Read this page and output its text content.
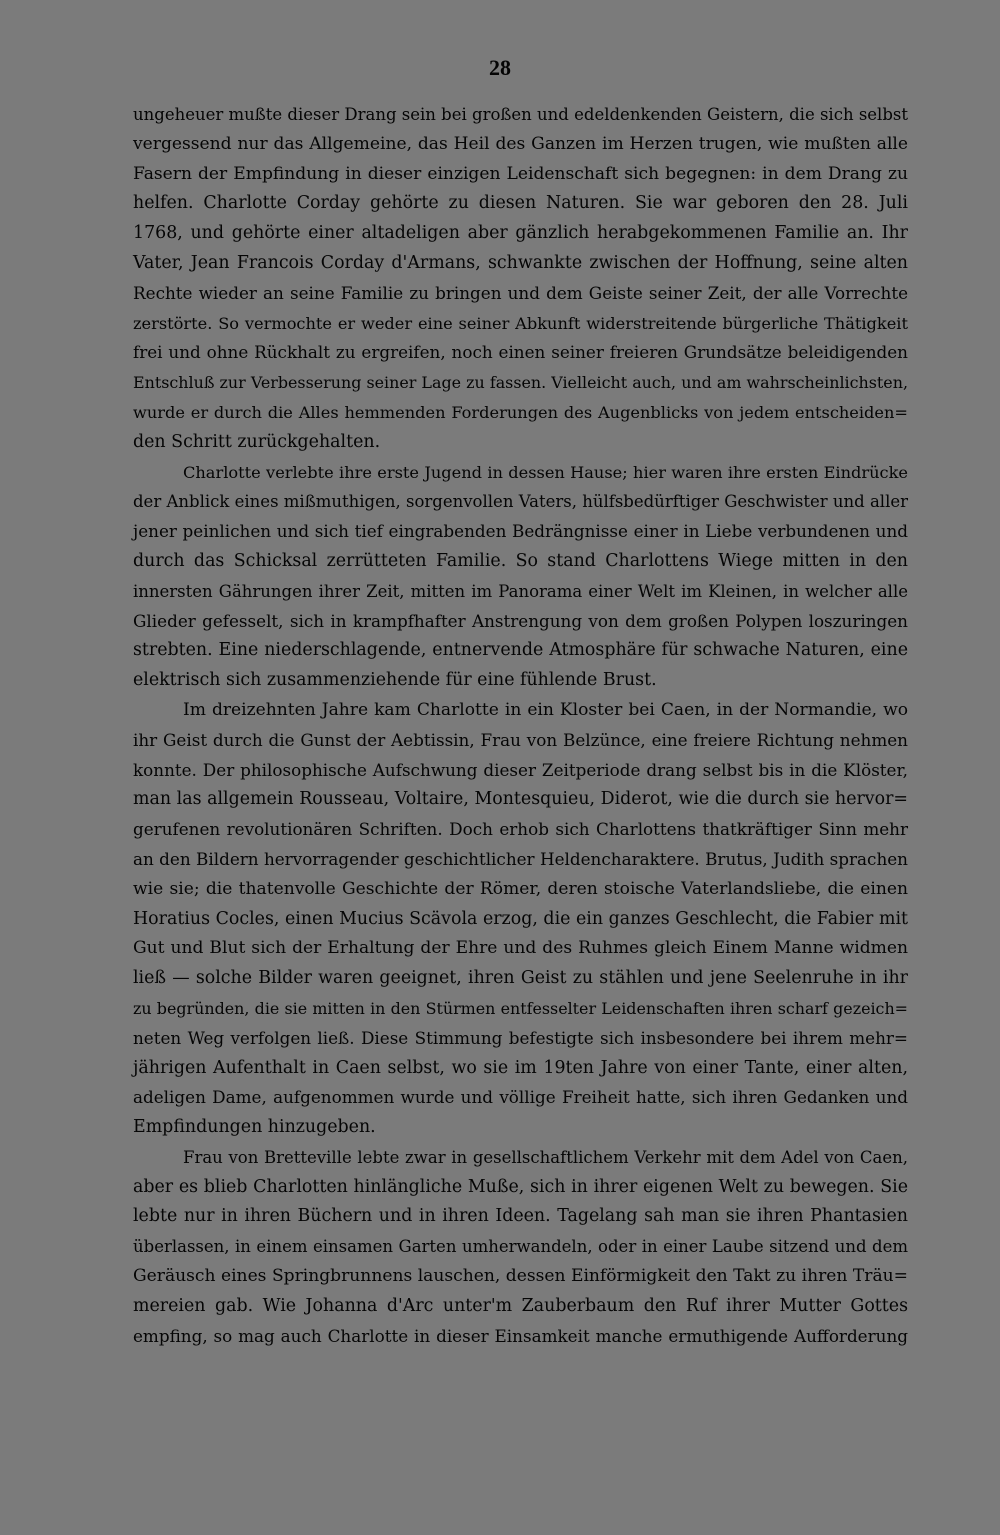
28
ungeheuer mußte dieser Drang sein bei großen und edeldenkenden Geistern, die sich selbst
vergessend nur das Allgemeine, das Heil des Ganzen im Herzen trugen, wie mußten alle
Fasern der Empfindung in dieser einzigen Leidenschaft sich begegnen: in dem Drang zu
helfen. Charlotte Corday gehörte zu diesen Naturen. Sie war geboren den 28. Juli
1768, und gehörte einer altadeligen aber gänzlich herabgekommenen Familie an. Ihr
Vater, Jean Francois Corday d'Armans, schwankte zwischen der Hoffnung, seine alten
Rechte wieder an seine Familie zu bringen und dem Geiste seiner Zeit, der alle Vorrechte
zerstörte. So vermochte er weder eine seiner Abkunft widerstreitende bürgerliche Thätigkeit
frei und ohne Rückhalt zu ergreifen, noch einen seiner freieren Grundsätze beleidigenden
Entschluß zur Verbesserung seiner Lage zu fassen. Vielleicht auch, und am wahrscheinlichsten,
wurde er durch die Alles hemmenden Forderungen des Augenblicks von jedem entscheiden=
den Schritt zurückgehalten.
Charlotte verlebte ihre erste Jugend in dessen Hause; hier waren ihre ersten Eindrücke
der Anblick eines mißmuthigen, sorgenvollen Vaters, hülfsbedürftiger Geschwister und aller
jener peinlichen und sich tief eingrabenden Bedrängnisse einer in Liebe verbundenen und
durch das Schicksal zerrütteten Familie. So stand Charlottens Wiege mitten in den
innersten Gährungen ihrer Zeit, mitten im Panorama einer Welt im Kleinen, in welcher alle
Glieder gefesselt, sich in krampfhafter Anstrengung von dem großen Polypen loszuringen
strebten. Eine niederschlagende, entnervende Atmosphäre für schwache Naturen, eine
elektrisch sich zusammenziehende für eine fühlende Brust.
Im dreizehnten Jahre kam Charlotte in ein Kloster bei Caen, in der Normandie, wo
ihr Geist durch die Gunst der Aebtissin, Frau von Belzünce, eine freiere Richtung nehmen
konnte. Der philosophische Aufschwung dieser Zeitperiode drang selbst bis in die Klöster,
man las allgemein Rousseau, Voltaire, Montesquieu, Diderot, wie die durch sie hervor=
gerufenen revolutionären Schriften. Doch erhob sich Charlottens thatkräftiger Sinn mehr
an den Bildern hervorragender geschichtlicher Heldencharaktere. Brutus, Judith sprachen
wie sie; die thatenvolle Geschichte der Römer, deren stoische Vaterlandsliebe, die einen
Horatius Cocles, einen Mucius Scävola erzog, die ein ganzes Geschlecht, die Fabier mit
Gut und Blut sich der Erhaltung der Ehre und des Ruhmes gleich Einem Manne widmen
ließ — solche Bilder waren geeignet, ihren Geist zu stählen und jene Seelenruhe in ihr
zu begründen, die sie mitten in den Stürmen entfesselter Leidenschaften ihren scharf gezeich=
neten Weg verfolgen ließ. Diese Stimmung befestigte sich insbesondere bei ihrem mehr=
jährigen Aufenthalt in Caen selbst, wo sie im 19ten Jahre von einer Tante, einer alten,
adeligen Dame, aufgenommen wurde und völlige Freiheit hatte, sich ihren Gedanken und
Empfindungen hinzugeben.
Frau von Bretteville lebte zwar in gesellschaftlichem Verkehr mit dem Adel von Caen,
aber es blieb Charlotten hinlängliche Muße, sich in ihrer eigenen Welt zu bewegen. Sie
lebte nur in ihren Büchern und in ihren Ideen. Tagelang sah man sie ihren Phantasien
überlassen, in einem einsamen Garten umherwandeln, oder in einer Laube sitzend und dem
Geräusch eines Springbrunnens lauschen, dessen Einförmigkeit den Takt zu ihren Träu=
mereien gab. Wie Johanna d'Arc unter'm Zauberbaum den Ruf ihrer Mutter Gottes
empfing, so mag auch Charlotte in dieser Einsamkeit manche ermuthigende Aufforderung
